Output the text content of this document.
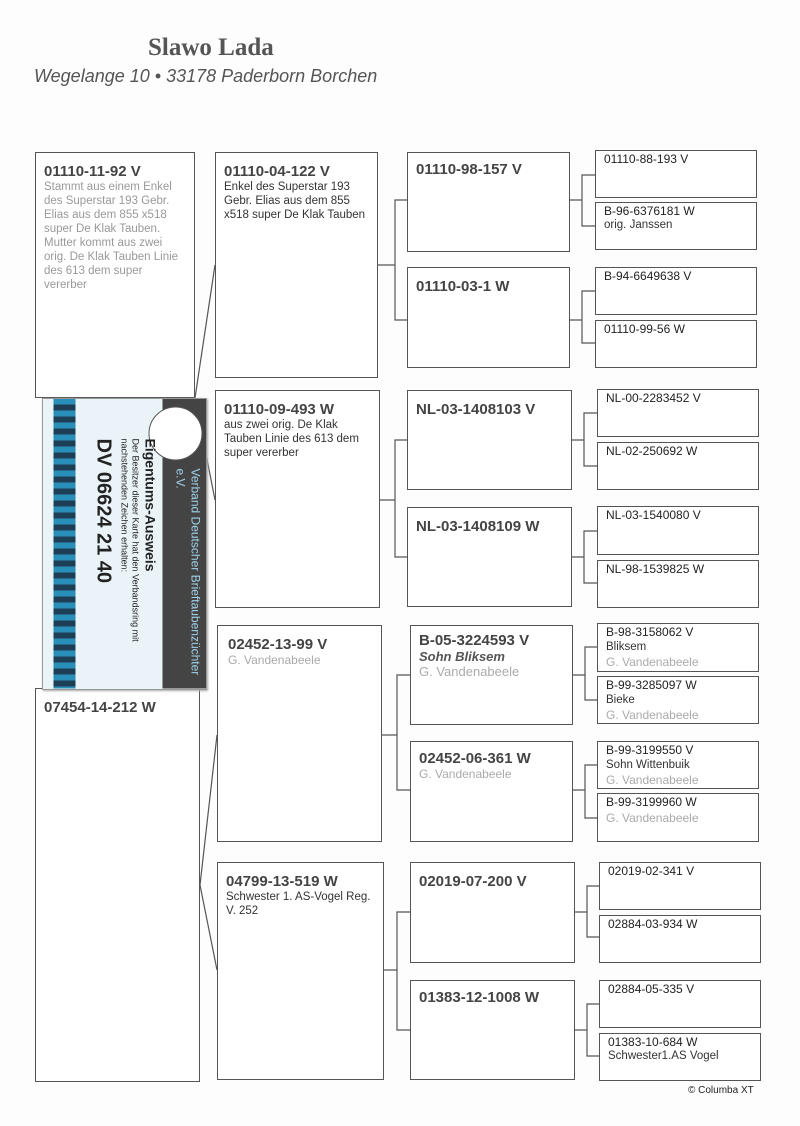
Slawo Lada
Wegelange 10 • 33178 Paderborn Borchen
01110-11-92 V
Stammt aus einem Enkel des Superstar 193 Gebr. Elias aus dem 855 x518 super De Klak Tauben. Mutter kommt aus zwei orig. De Klak Tauben Linie des 613 dem super vererber
07454-14-212 W
01110-04-122 V
Enkel des Superstar 193 Gebr. Elias aus dem 855 x518 super De Klak Tauben
01110-09-493 W
aus zwei orig. De Klak Tauben Linie des 613 dem super vererber
02452-13-99 V
G. Vandenabeele
04799-13-519 W
Schwester 1. AS-Vogel Reg. V. 252
01110-98-157 V
01110-03-1 W
NL-03-1408103 V
NL-03-1408109 W
B-05-3224593 V
Sohn Bliksem
G. Vandenabeele
02452-06-361 W
G. Vandenabeele
02019-07-200 V
01383-12-1008 W
01110-88-193 V
B-96-6376181 W
orig. Janssen
B-94-6649638 V
01110-99-56 W
NL-00-2283452 V
NL-02-250692 W
NL-03-1540080 V
NL-98-1539825 W
B-98-3158062 V
Bliksem
G. Vandenabeele
B-99-3285097 W
Bieke
G. Vandenabeele
B-99-3199550 V
Sohn Wittenbuik
G. Vandenabeele
B-99-3199960 W
G. Vandenabeele
02019-02-341 V
02884-03-934 W
02884-05-335 V
01383-10-684 W
Schwester1.AS Vogel
Verband Deutscher Brieftaubenzüchter e.V.
Eigentums-Ausweis
Der Besitzer dieser Karte hat den Verbandsring mit nachstehenden Zeichen erhalten:
DV 06624 21 40
© Columba XT
